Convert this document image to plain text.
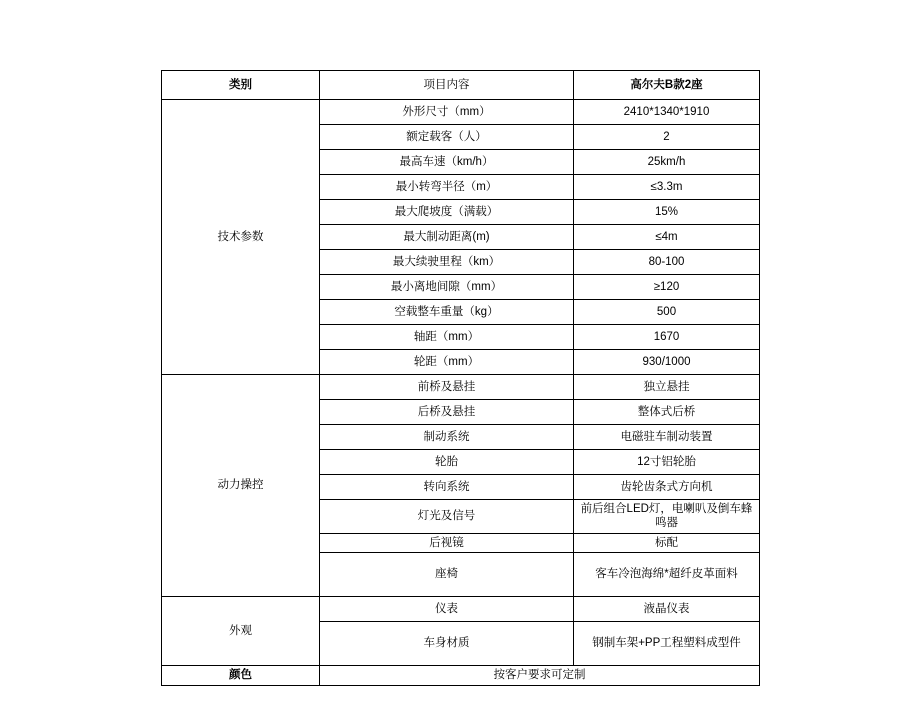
类别	项目内容	高尔夫B款2座
技术参数	外形尺寸（mm）	2410*1340*1910
	额定载客（人）	2
	最高车速（km/h）	25km/h
	最小转弯半径（m）	≤3.3m
	最大爬坡度（满载）	15%
	最大制动距离(m)	≤4m
	最大续驶里程（km）	80-100
	最小离地间隙（mm）	≥120
	空载整车重量（kg）	500
	轴距（mm）	1670
	轮距（mm）	930/1000
动力操控	前桥及悬挂	独立悬挂
	后桥及悬挂	整体式后桥
	制动系统	电磁驻车制动装置
	轮胎	12寸铝轮胎
	转向系统	齿轮齿条式方向机
	灯光及信号	前后组合LED灯，电喇叭及倒车蜂鸣器
	后视镜	标配
	座椅	客车冷泡海绵*超纤皮革面料
外观	仪表	液晶仪表
	车身材质	钢制车架+PP工程塑料成型件
颜色	按客户要求可定制	
